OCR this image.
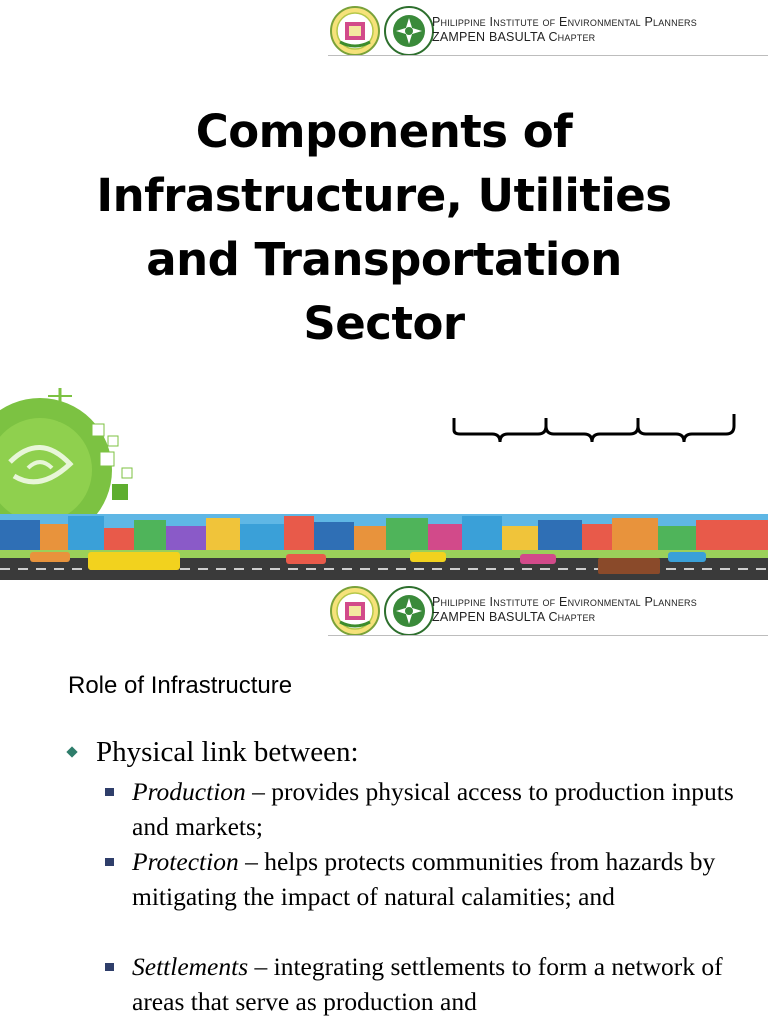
Philippine Institute of Environmental Planners
ZAMPEN BASULTA Chapter
Components of
Infrastructure, Utilities
and Transportation
Sector
Philippine Institute of Environmental Planners
ZAMPEN BASULTA Chapter
Role of Infrastructure
Physical link between:
Production – provides physical access to production inputs and markets;
Protection – helps protects communities from hazards by mitigating the impact of natural calamities; and
Settlements – integrating settlements to form a network of areas that serve as production and
